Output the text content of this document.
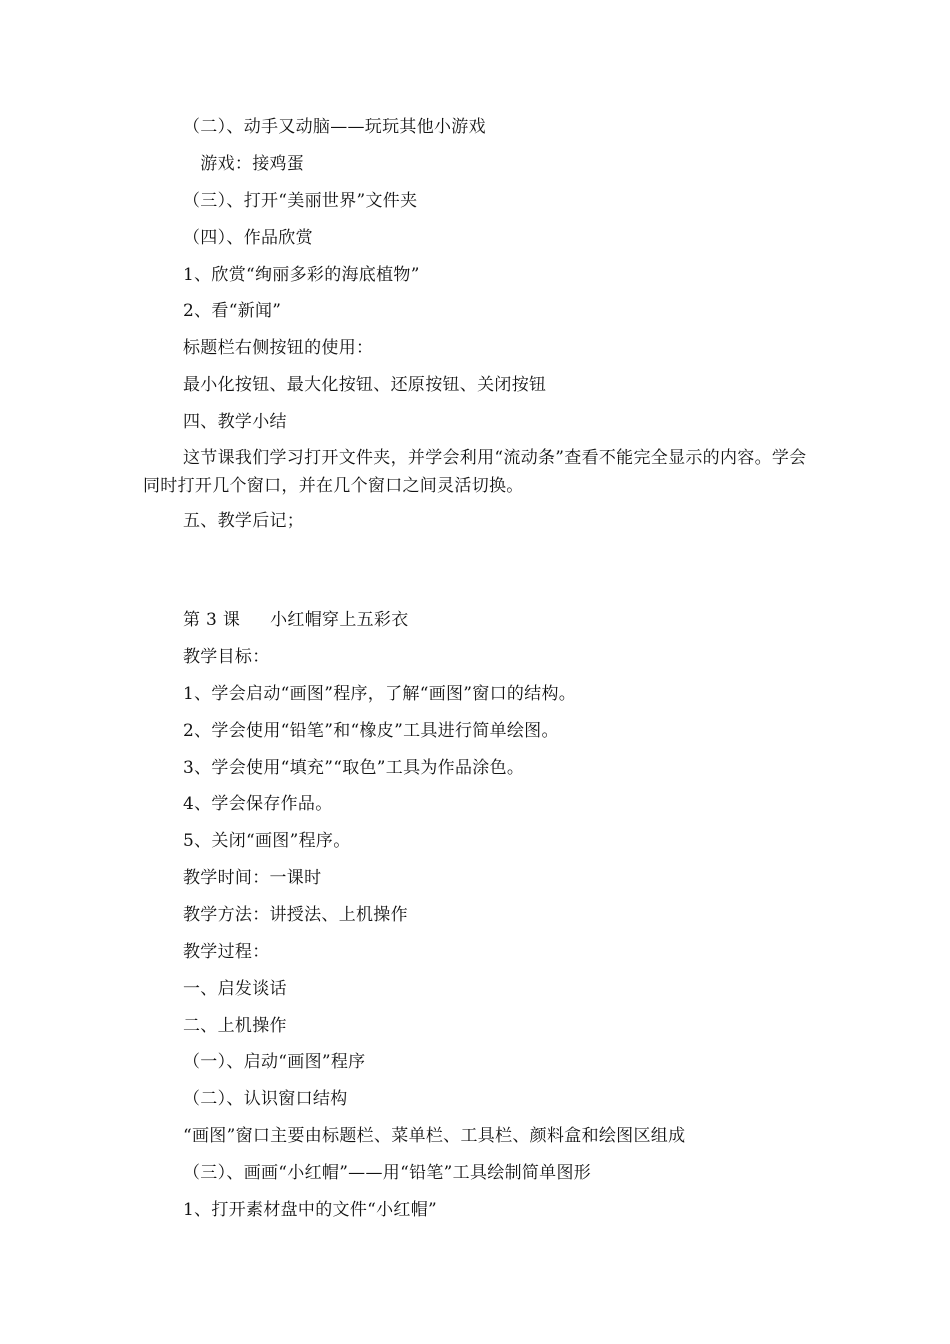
（二）、动手又动脑——玩玩其他小游戏
　游戏：接鸡蛋
（三）、打开“美丽世界”文件夹
（四）、作品欣赏
1、欣赏“绚丽多彩的海底植物”
2、看“新闻”
标题栏右侧按钮的使用：
最小化按钮、最大化按钮、还原按钮、关闭按钮
四、教学小结
这节课我们学习打开文件夹，并学会利用“流动条”查看不能完全显示的内容。学会同时打开几个窗口，并在几个窗口之间灵活切换。
五、教学后记；
第 3 课 小红帽穿上五彩衣
教学目标：
1、学会启动“画图”程序，了解“画图”窗口的结构。
2、学会使用“铅笔”和“橡皮”工具进行简单绘图。
3、学会使用“填充”“取色”工具为作品涂色。
4、学会保存作品。
5、关闭“画图”程序。
教学时间：一课时
教学方法：讲授法、上机操作
教学过程：
一、启发谈话
二、上机操作
（一）、启动“画图”程序
（二）、认识窗口结构
“画图”窗口主要由标题栏、菜单栏、工具栏、颜料盒和绘图区组成
（三）、画画“小红帽”——用“铅笔”工具绘制简单图形
1、打开素材盘中的文件“小红帽”
